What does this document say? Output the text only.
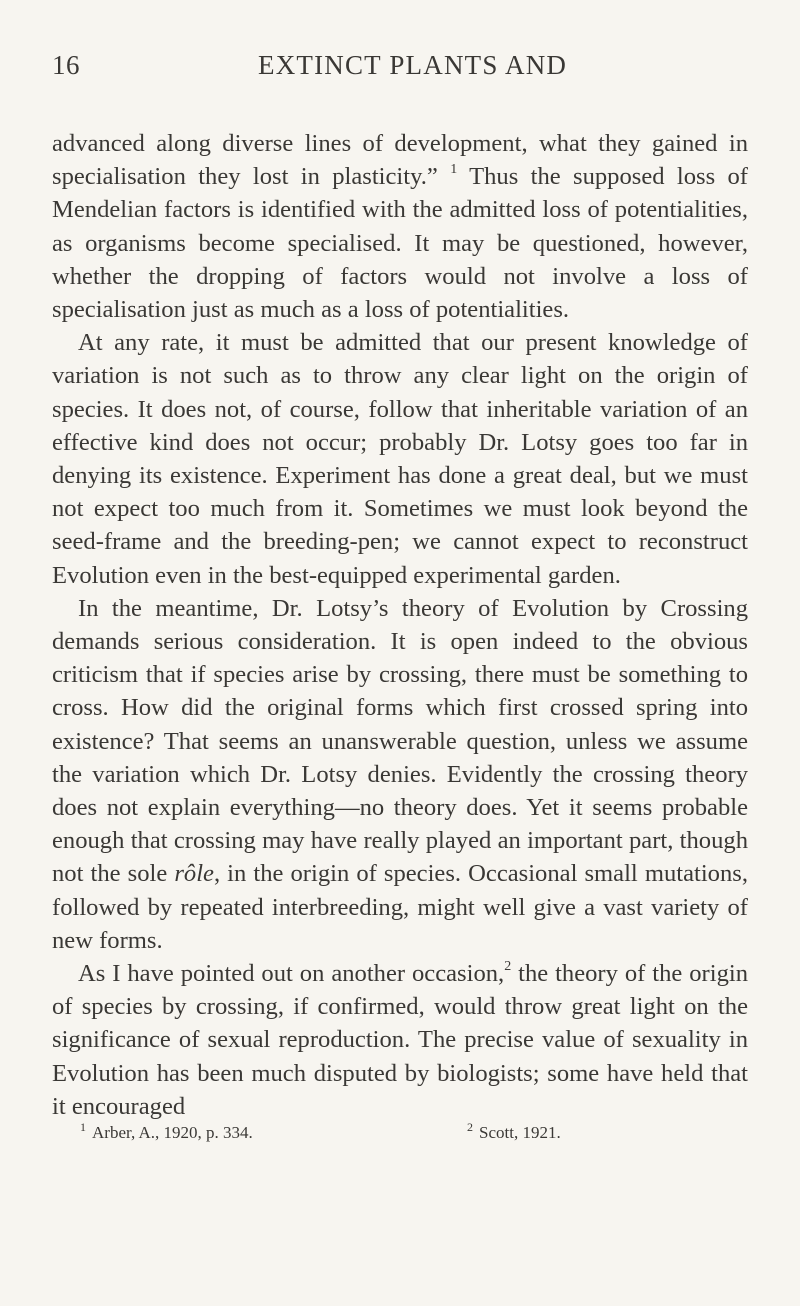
16	EXTINCT PLANTS AND

advanced along diverse lines of development, what they gained in specialisation they lost in plasticity.” $^1$ Thus the supposed loss of Mendelian factors is identified with the admitted loss of potentialities, as organisms become specialised. It may be questioned, however, whether the dropping of factors would not involve a loss of specialisation just as much as a loss of potentialities.

At any rate, it must be admitted that our present knowledge of variation is not such as to throw any clear light on the origin of species. It does not, of course, follow that inheritable variation of an effective kind does not occur; probably Dr. Lotsy goes too far in denying its existence. Experiment has done a great deal, but we must not expect too much from it. Sometimes we must look beyond the seed-frame and the breeding-pen; we cannot expect to reconstruct Evolution even in the best-equipped experimental garden.

In the meantime, Dr. Lotsy’s theory of Evolution by Crossing demands serious consideration. It is open indeed to the obvious criticism that if species arise by crossing, there must be something to cross. How did the original forms which first crossed spring into existence? That seems an unanswerable question, unless we assume the variation which Dr. Lotsy denies. Evidently the crossing theory does not explain everything—no theory does. Yet it seems probable enough that crossing may have really played an important part, though not the sole rôle, in the origin of species. Occasional small mutations, followed by repeated interbreeding, might well give a vast variety of new forms.

As I have pointed out on another occasion,$^2$ the theory of the origin of species by crossing, if confirmed, would throw great light on the significance of sexual reproduction. The precise value of sexuality in Evolution has been much disputed by biologists; some have held that it encouraged

$^1$ Arber, A., 1920, p. 334.	$^2$ Scott, 1921.
